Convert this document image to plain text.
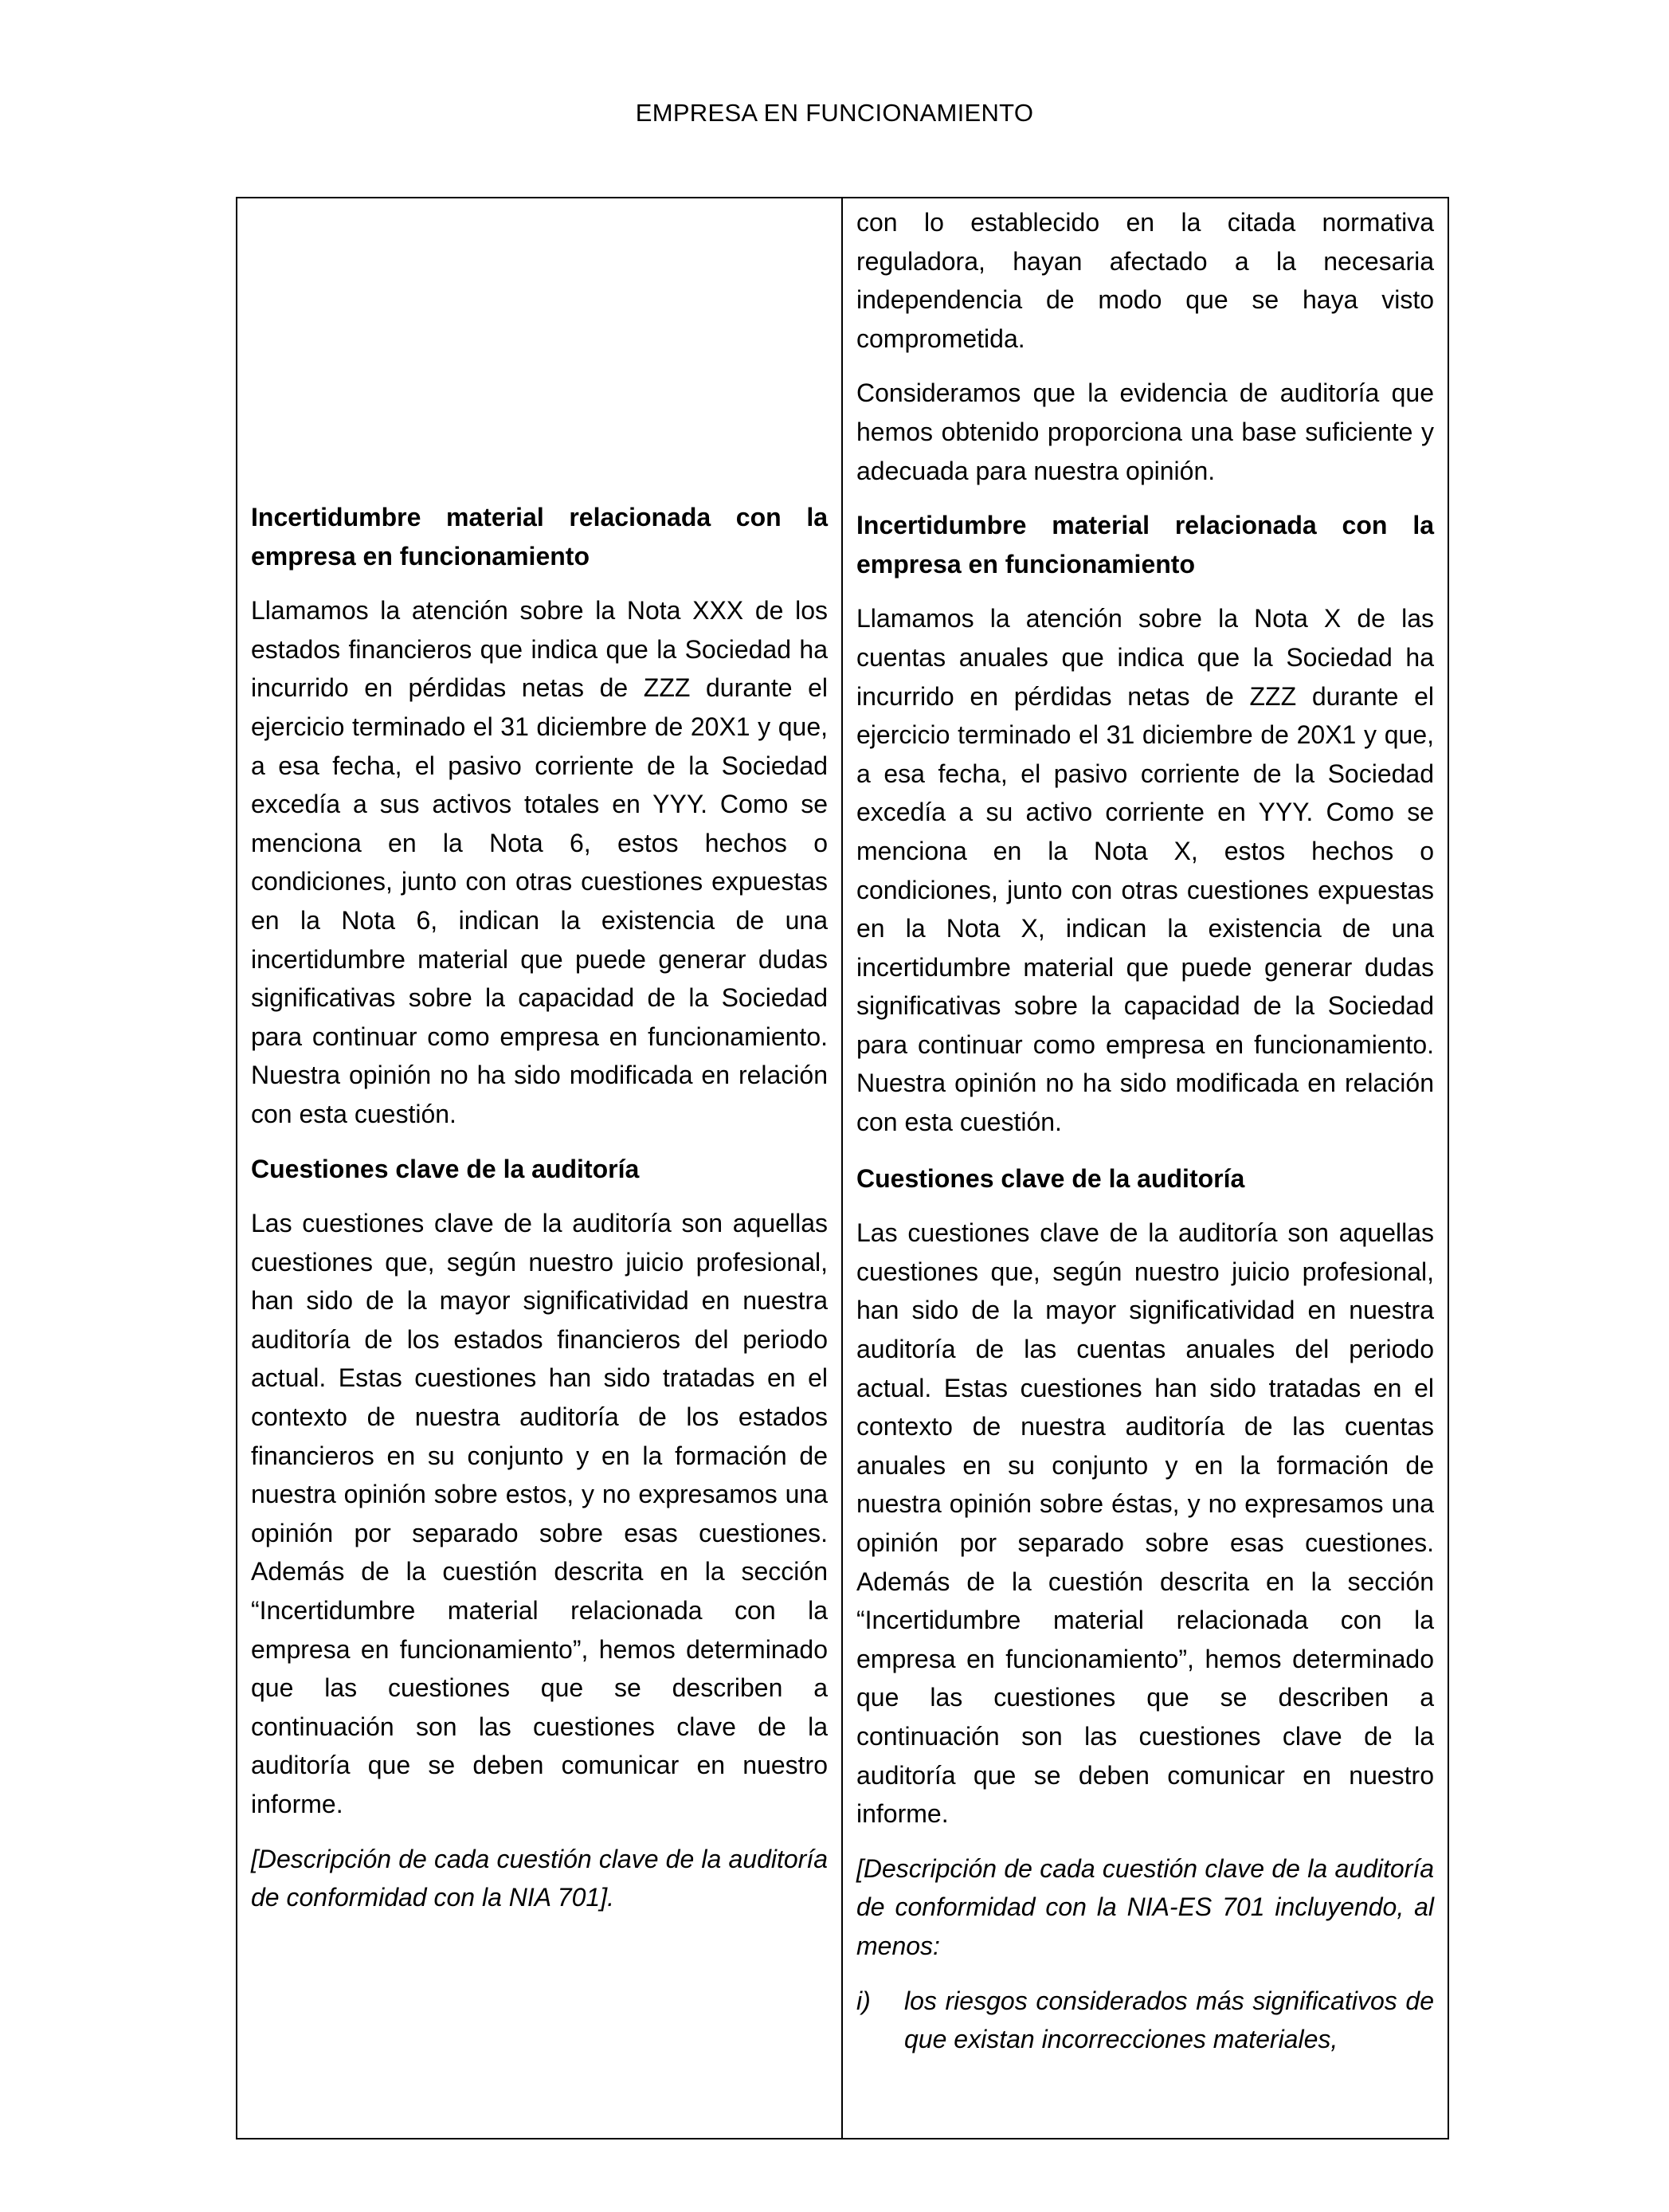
EMPRESA EN FUNCIONAMIENTO

Incertidumbre material relacionada con la empresa en funcionamiento

Llamamos la atención sobre la Nota XXX de los estados financieros que indica que la Sociedad ha incurrido en pérdidas netas de ZZZ durante el ejercicio terminado el 31 diciembre de 20X1 y que, a esa fecha, el pasivo corriente de la Sociedad excedía a sus activos totales en YYY. Como se menciona en la Nota 6, estos hechos o condiciones, junto con otras cuestiones expuestas en la Nota 6, indican la existencia de una incertidumbre material que puede generar dudas significativas sobre la capacidad de la Sociedad para continuar como empresa en funcionamiento. Nuestra opinión no ha sido modificada en relación con esta cuestión.

Cuestiones clave de la auditoría

Las cuestiones clave de la auditoría son aquellas cuestiones que, según nuestro juicio profesional, han sido de la mayor significatividad en nuestra auditoría de los estados financieros del periodo actual. Estas cuestiones han sido tratadas en el contexto de nuestra auditoría de los estados financieros en su conjunto y en la formación de nuestra opinión sobre estos, y no expresamos una opinión por separado sobre esas cuestiones. Además de la cuestión descrita en la sección “Incertidumbre material relacionada con la empresa en funcionamiento”, hemos determinado que las cuestiones que se describen a continuación son las cuestiones clave de la auditoría que se deben comunicar en nuestro informe.

[Descripción de cada cuestión clave de la auditoría de conformidad con la NIA 701].

con lo establecido en la citada normativa reguladora, hayan afectado a la necesaria independencia de modo que se haya visto comprometida.

Consideramos que la evidencia de auditoría que hemos obtenido proporciona una base suficiente y adecuada para nuestra opinión.

Incertidumbre material relacionada con la empresa en funcionamiento

Llamamos la atención sobre la Nota X de las cuentas anuales que indica que la Sociedad ha incurrido en pérdidas netas de ZZZ durante el ejercicio terminado el 31 diciembre de 20X1 y que, a esa fecha, el pasivo corriente de la Sociedad excedía a su activo corriente en YYY. Como se menciona en la Nota X, estos hechos o condiciones, junto con otras cuestiones expuestas en la Nota X, indican la existencia de una incertidumbre material que puede generar dudas significativas sobre la capacidad de la Sociedad para continuar como empresa en funcionamiento. Nuestra opinión no ha sido modificada en relación con esta cuestión.

Cuestiones clave de la auditoría

Las cuestiones clave de la auditoría son aquellas cuestiones que, según nuestro juicio profesional, han sido de la mayor significatividad en nuestra auditoría de las cuentas anuales del periodo actual. Estas cuestiones han sido tratadas en el contexto de nuestra auditoría de las cuentas anuales en su conjunto y en la formación de nuestra opinión sobre éstas, y no expresamos una opinión por separado sobre esas cuestiones. Además de la cuestión descrita en la sección “Incertidumbre material relacionada con la empresa en funcionamiento”, hemos determinado que las cuestiones que se describen a continuación son las cuestiones clave de la auditoría que se deben comunicar en nuestro informe.

[Descripción de cada cuestión clave de la auditoría de conformidad con la NIA-ES 701 incluyendo, al menos:

i)	los riesgos considerados más significativos de que existan incorrecciones materiales,
